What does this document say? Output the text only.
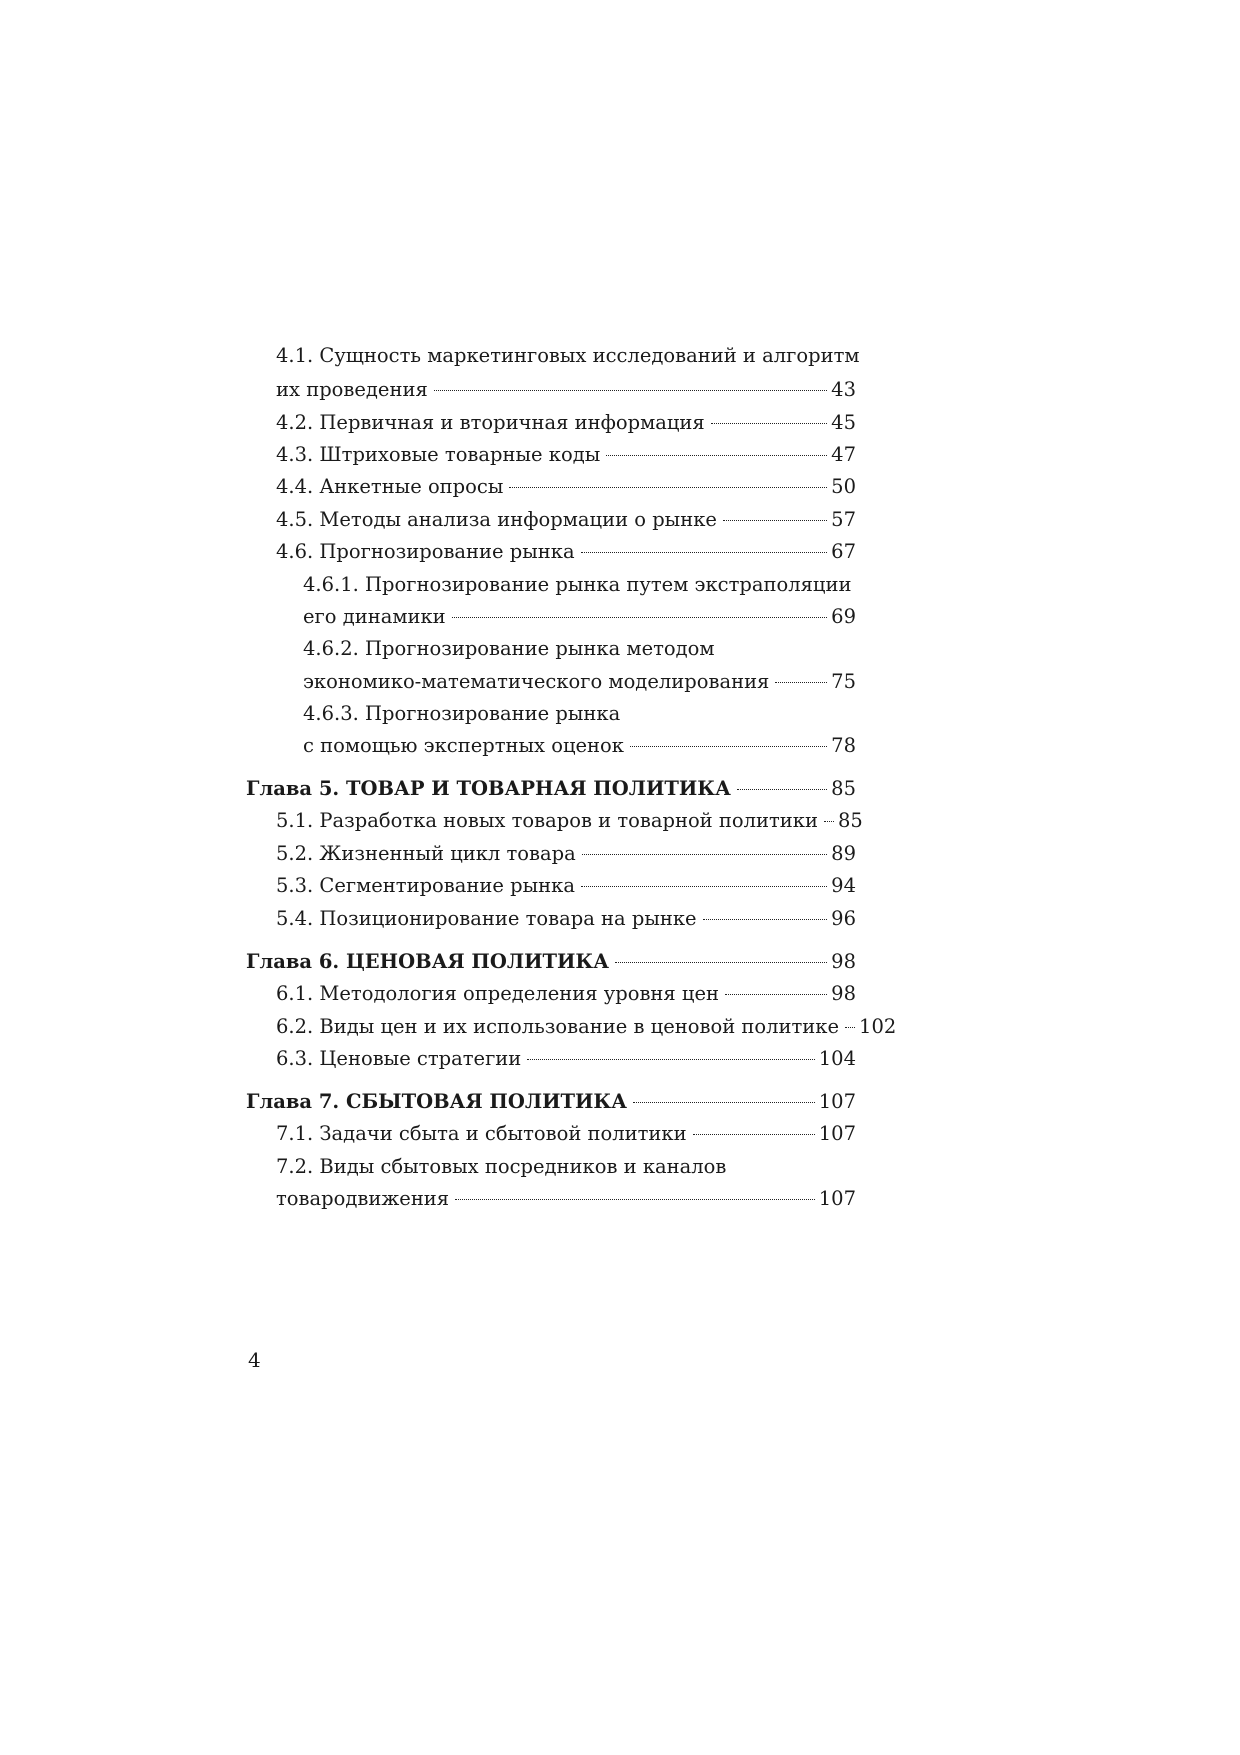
4.1. Сущность маркетинговых исследований и алгоритм
их проведения	43
4.2. Первичная и вторичная информация	45
4.3. Штриховые товарные коды	47
4.4. Анкетные опросы	50
4.5. Методы анализа информации о рынке	57
4.6. Прогнозирование рынка	67
4.6.1. Прогнозирование рынка путем экстраполяции
его динамики	69
4.6.2. Прогнозирование рынка методом
экономико-математического моделирования	75
4.6.3. Прогнозирование рынка
с помощью экспертных оценок	78
Глава 5. ТОВАР И ТОВАРНАЯ ПОЛИТИКА	85
5.1. Разработка новых товаров и товарной политики 85
5.2. Жизненный цикл товара	89
5.3. Сегментирование рынка	94
5.4. Позиционирование товара на рынке	96
Глава 6. ЦЕНОВАЯ ПОЛИТИКА	98
6.1. Методология определения уровня цен	98
6.2. Виды цен и их использование в ценовой политике 102
6.3. Ценовые стратегии	104
Глава 7. СБЫТОВАЯ ПОЛИТИКА	107
7.1. Задачи сбыта и сбытовой политики	107
7.2. Виды сбытовых посредников и каналов
товародвижения	107
4
